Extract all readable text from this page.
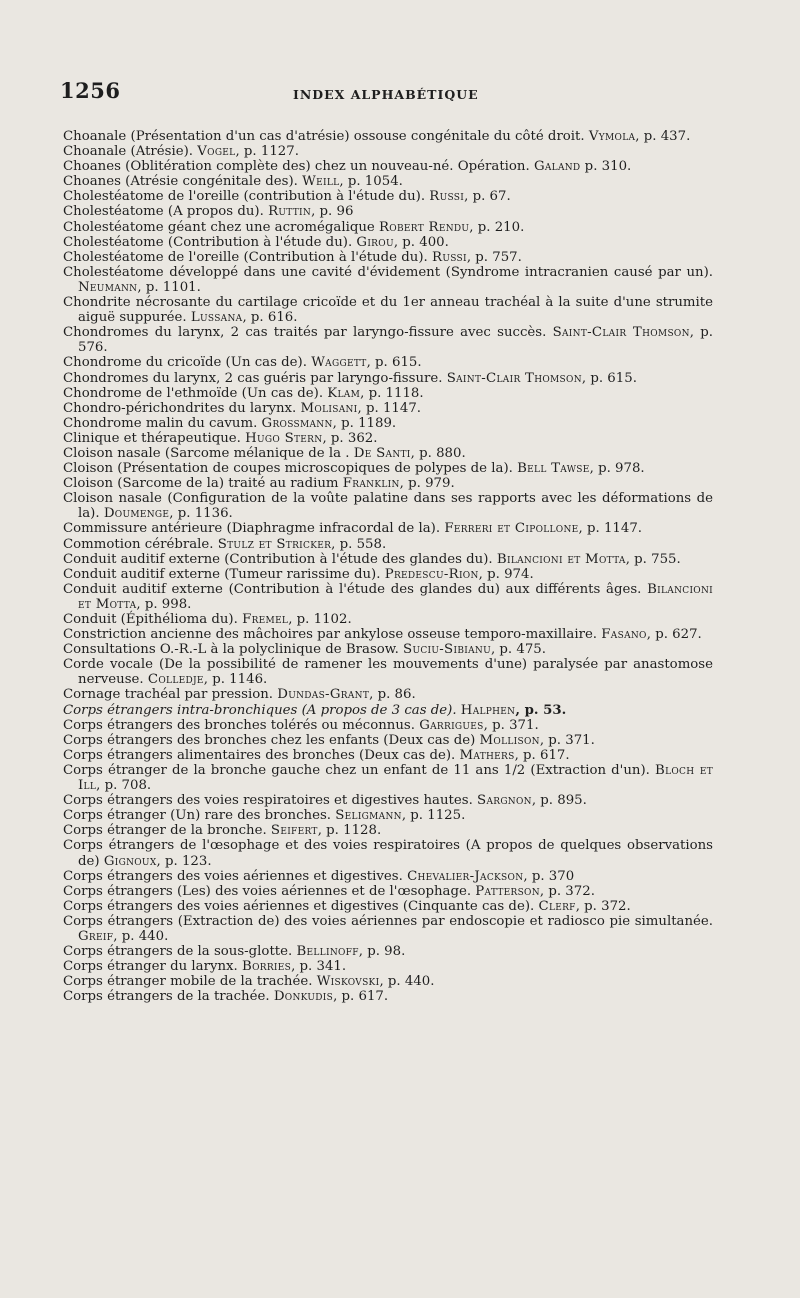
1256	INDEX ALPHABÉTIQUE
Choanale (Présentation d'un cas d'atrésie) ossouse congénitale du côté droit. Vymola, p. 437.
Choanale (Atrésie). Vogel, p. 1127.
Choanes (Oblitération complète des) chez un nouveau-né. Opération. Galand p. 310.
Choanes (Atrésie congénitale des). Weill, p. 1054.
Cholestéatome de l'oreille (contribution à l'étude du). Russi, p. 67.
Cholestéatome (A propos du). Ruttin, p. 96
Cholestéatome géant chez une acromégalique Robert Rendu, p. 210.
Cholestéatome (Contribution à l'étude du). Girou, p. 400.
Cholestéatome de l'oreille (Contribution à l'étude du). Russi, p. 757.
Cholestéatome développé dans une cavité d'évidement (Syndrome intracranien causé par un). Neumann, p. 1101.
Chondrite nécrosante du cartilage cricoïde et du 1er anneau trachéal à la suite d'une strumite aiguë suppurée. Lussana, p. 616.
Chondromes du larynx, 2 cas traités par laryngo-fissure avec succès. Saint-Clair Thomson, p. 576.
Chondrome du cricoïde (Un cas de). Waggett, p. 615.
Chondromes du larynx, 2 cas guéris par laryngo-fissure. Saint-Clair Thomson, p. 615.
Chondrome de l'ethmoïde (Un cas de). Klam, p. 1118.
Chondro-périchondrites du larynx. Molisani, p. 1147.
Chondrome malin du cavum. Grossmann, p. 1189.
Clinique et thérapeutique. Hugo Stern, p. 362.
Cloison nasale (Sarcome mélanique de la . De Santi, p. 880.
Cloison (Présentation de coupes microscopiques de polypes de la). Bell Tawse, p. 978.
Cloison (Sarcome de la) traité au radium Franklin, p. 979.
Cloison nasale (Configuration de la voûte palatine dans ses rapports avec les déformations de la). Doumenge, p. 1136.
Commissure antérieure (Diaphragme infracordal de la). Ferreri et Cipollone, p. 1147.
Commotion cérébrale. Stulz et Stricker, p. 558.
Conduit auditif externe (Contribution à l'étude des glandes du). Bilancioni et Motta, p. 755.
Conduit auditif externe (Tumeur rarissime du). Predescu-Rion, p. 974.
Conduit auditif externe (Contribution à l'étude des glandes du) aux différents âges. Bilancioni et Motta, p. 998.
Conduit (Épithélioma du). Fremel, p. 1102.
Constriction ancienne des mâchoires par ankylose osseuse temporo-maxillaire. Fasano, p. 627.
Consultations O.-R.-L à la polyclinique de Brasow. Suciu-Sibianu, p. 475.
Corde vocale (De la possibilité de ramener les mouvements d'une) paralysée par anastomose nerveuse. Colledje, p. 1146.
Cornage trachéal par pression. Dundas-Grant, p. 86.
Corps étrangers intra-bronchiques (A propos de 3 cas de). Halphen, p. 53.
Corps étrangers des bronches tolérés ou méconnus. Garrigues, p. 371.
Corps étrangers des bronches chez les enfants (Deux cas de) Mollison, p. 371.
Corps étrangers alimentaires des bronches (Deux cas de). Mathers, p. 617.
Corps étranger de la bronche gauche chez un enfant de 11 ans 1/2 (Extraction d'un). Bloch et Ill, p. 708.
Corps étrangers des voies respiratoires et digestives hautes. Sargnon, p. 895.
Corps étranger (Un) rare des bronches. Seligmann, p. 1125.
Corps étranger de la bronche. Seifert, p. 1128.
Corps étrangers de l'œsophage et des voies respiratoires (A propos de quelques observations de) Gignoux, p. 123.
Corps étrangers des voies aériennes et digestives. Chevalier-Jackson, p. 370
Corps étrangers (Les) des voies aériennes et de l'œsophage. Patterson, p. 372.
Corps étrangers des voies aériennes et digestives (Cinquante cas de). Clerf, p. 372.
Corps étrangers (Extraction de) des voies aériennes par endoscopie et radiosco pie simultanée. Greif, p. 440.
Corps étrangers de la sous-glotte. Bellinoff, p. 98.
Corps étranger du larynx. Borries, p. 341.
Corps étranger mobile de la trachée. Wiskovski, p. 440.
Corps étrangers de la trachée. Donkudis, p. 617.
